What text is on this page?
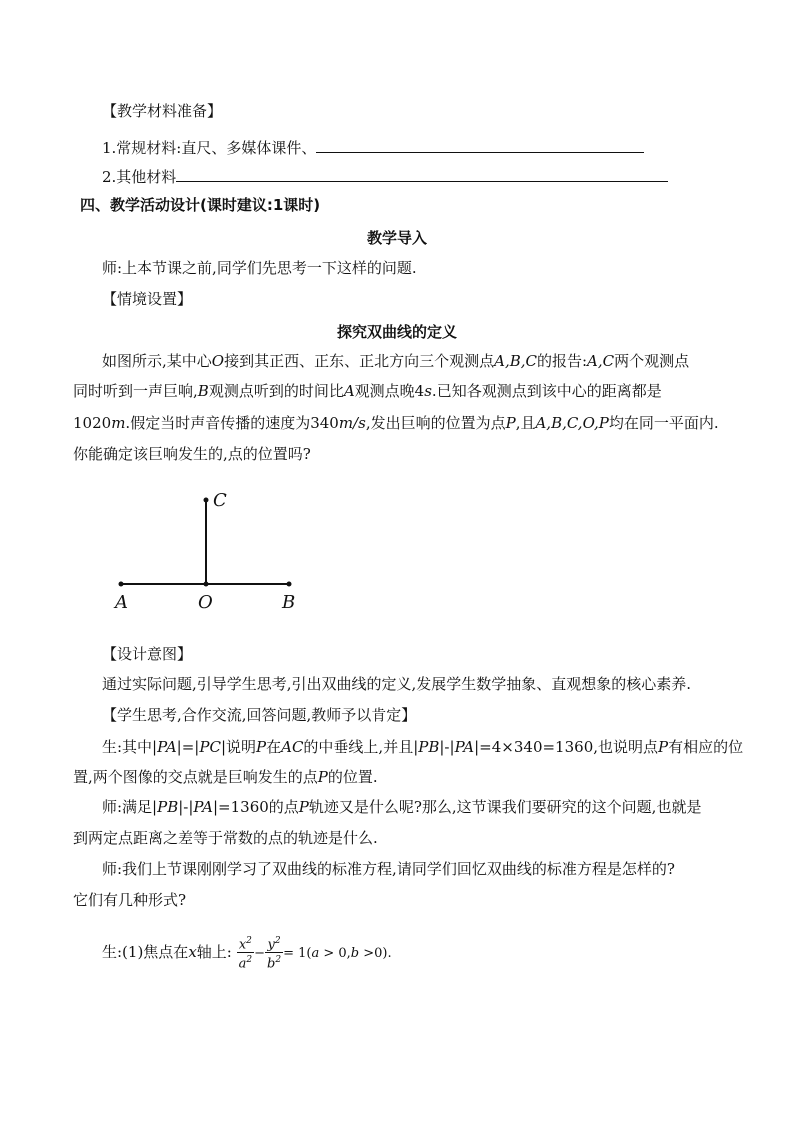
【教学材料准备】
1.常规材料:直尺、多媒体课件、
2.其他材料
四、教学活动设计(课时建议:1课时)
教学导入
师:上本节课之前,同学们先思考一下这样的问题.
【情境设置】
探究双曲线的定义
如图所示,某中心O接到其正西、正东、正北方向三个观测点A,B,C的报告:A,C两个观测点
同时听到一声巨响,B观测点听到的时间比A观测点晚4s.已知各观测点到该中心的距离都是
1020m.假定当时声音传播的速度为340m/s,发出巨响的位置为点P,且A,B,C,O,P均在同一平面内.
你能确定该巨响发生的,点的位置吗?
C
A	O	B
【设计意图】
通过实际问题,引导学生思考,引出双曲线的定义,发展学生数学抽象、直观想象的核心素养.
【学生思考,合作交流,回答问题,教师予以肯定】
生:其中|PA|=|PC|说明P在AC的中垂线上,并且|PB|-|PA|=4×340=1360,也说明点P有相应的位
置,两个图像的交点就是巨响发生的点P的位置.
师:满足|PB|-|PA|=1360的点P轨迹又是什么呢?那么,这节课我们要研究的这个问题,也就是
到两定点距离之差等于常数的点的轨迹是什么.
师:我们上节课刚刚学习了双曲线的标准方程,请同学们回忆双曲线的标准方程是怎样的?
它们有几种形式?
生:(1)焦点在x轴上: $\frac{x^2}{a^2} - \frac{y^2}{b^2} = 1(a > 0,b >0)$.
